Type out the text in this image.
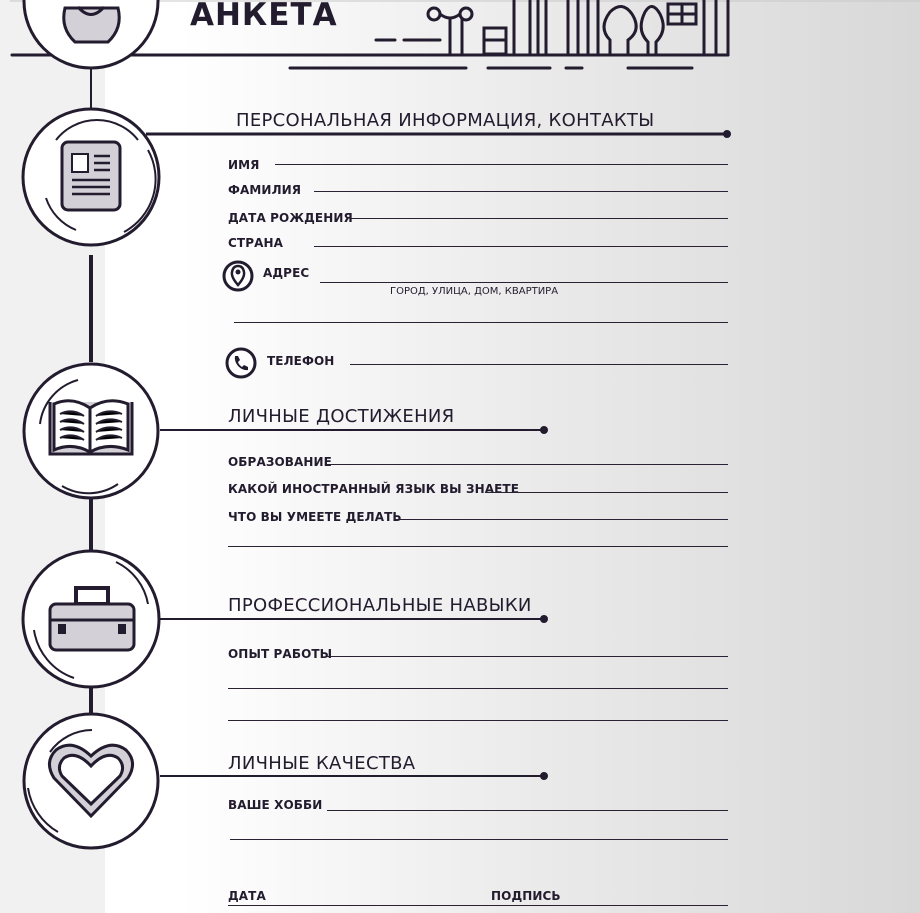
АНКЕТА
ПЕРСОНАЛЬНАЯ ИНФОРМАЦИЯ, КОНТАКТЫ
ИМЯ
ФАМИЛИЯ
ДАТА РОЖДЕНИЯ
СТРАНА
АДРЕС
ГОРОД, УЛИЦА, ДОМ, КВАРТИРА
ТЕЛЕФОН
ЛИЧНЫЕ ДОСТИЖЕНИЯ
ОБРАЗОВАНИЕ
КАКОЙ ИНОСТРАННЫЙ ЯЗЫК ВЫ ЗНАЕТЕ
ЧТО ВЫ УМЕЕТЕ ДЕЛАТЬ
ПРОФЕССИОНАЛЬНЫЕ НАВЫКИ
ОПЫТ РАБОТЫ
ЛИЧНЫЕ КАЧЕСТВА
ВАШЕ ХОББИ
ДАТА	ПОДПИСЬ
